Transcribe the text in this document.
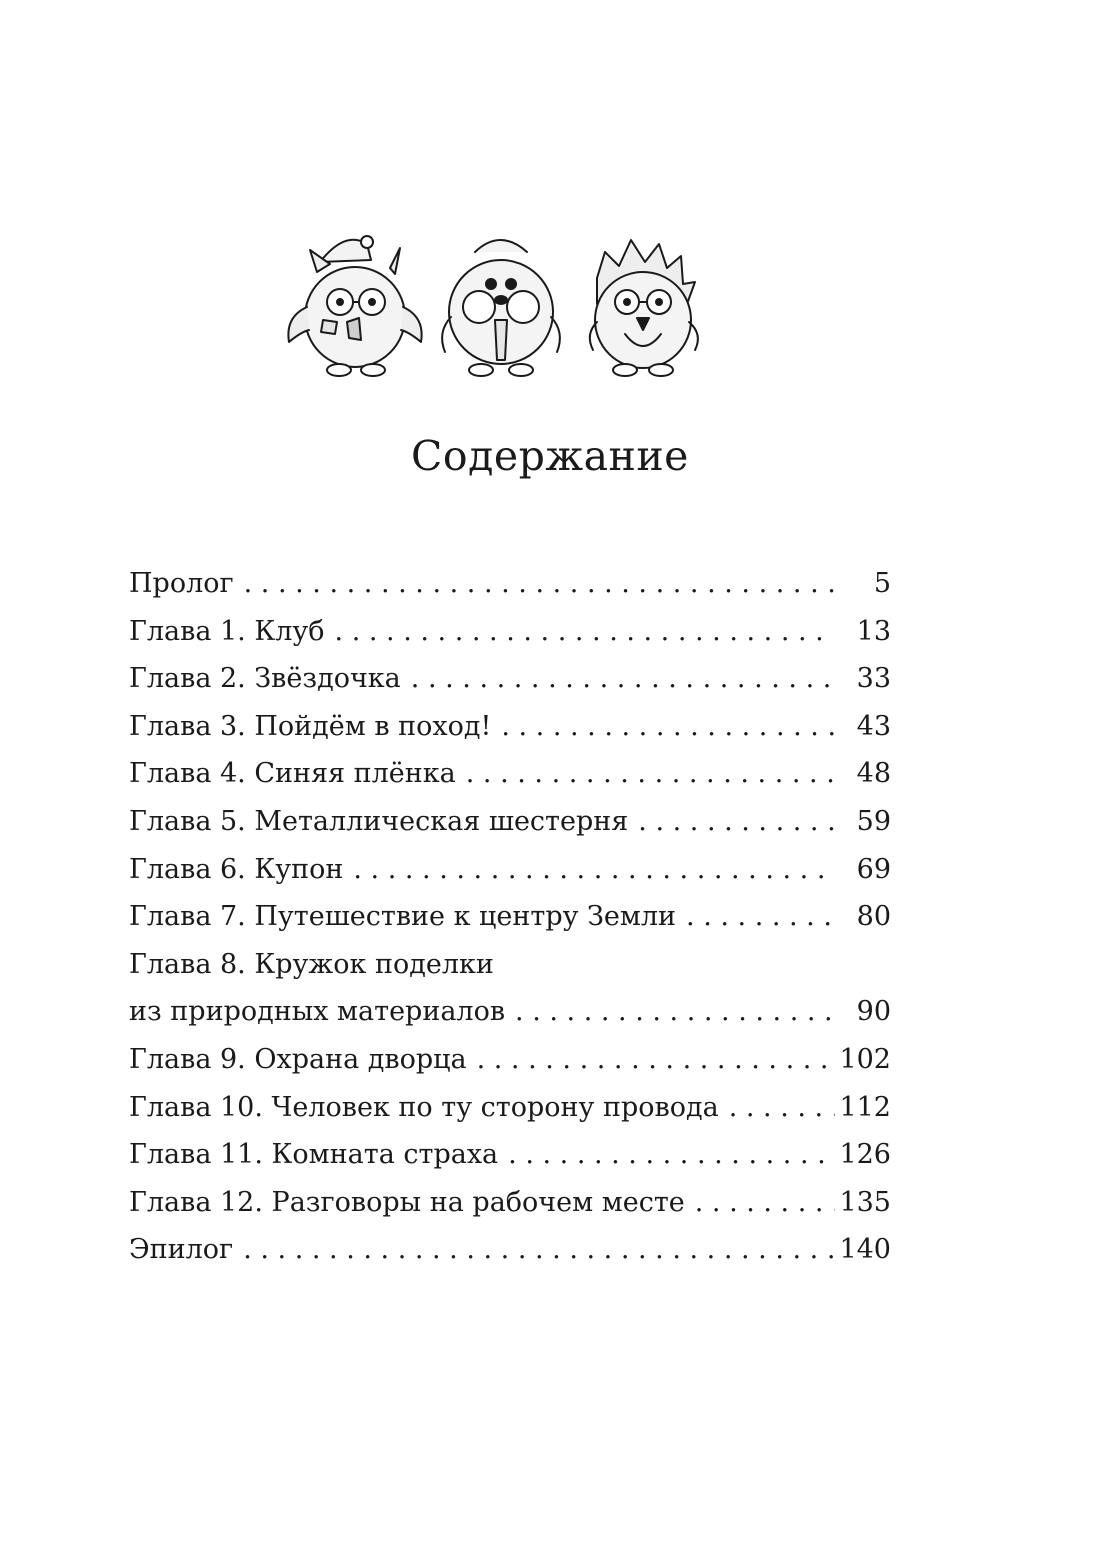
Содержание
Пролог . . .	5
Глава 1. Клуб . . .	13
Глава 2. Звёздочка . . .	33
Глава 3. Пойдём в поход! . . .	43
Глава 4. Синяя плёнка . . .	48
Глава 5. Металлическая шестерня . . .	59
Глава 6. Купон . . .	69
Глава 7. Путешествие к центру Земли . . .	80
Глава 8. Кружок поделки
из природных материалов . . .	90
Глава 9. Охрана дворца . . .	102
Глава 10. Человек по ту сторону провода . . .	112
Глава 11. Комната страха . . .	126
Глава 12. Разговоры на рабочем месте . . .	135
Эпилог . . .	140
